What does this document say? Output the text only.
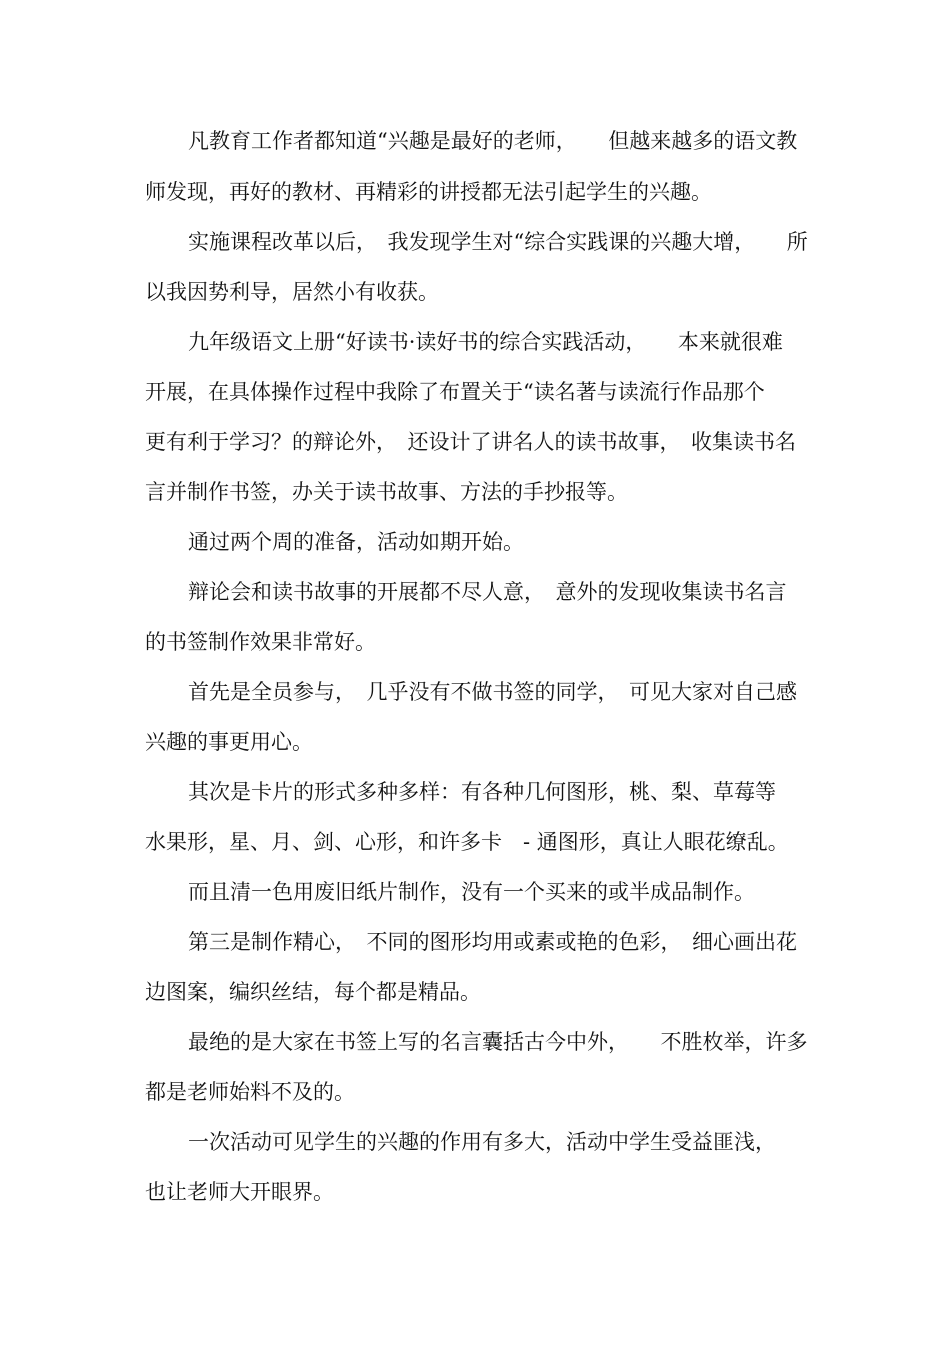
凡教育工作者都知道“兴趣是最好的老师，　　但越来越多的语文教
师发现，再好的教材、再精彩的讲授都无法引起学生的兴趣。
实施课程改革以后，　我发现学生对“综合实践课的兴趣大增，　　所
以我因势利导，居然小有收获。
九年级语文上册“好读书·读好书的综合实践活动，　　本来就很难
开展，在具体操作过程中我除了布置关于“读名著与读流行作品那个
更有利于学习？的辩论外，　还设计了讲名人的读书故事，　收集读书名
言并制作书签，办关于读书故事、方法的手抄报等。
通过两个周的准备，活动如期开始。
辩论会和读书故事的开展都不尽人意，　意外的发现收集读书名言
的书签制作效果非常好。
首先是全员参与，　几乎没有不做书签的同学，　可见大家对自己感
兴趣的事更用心。
其次是卡片的形式多种多样：有各种几何图形，桃、梨、草莓等
水果形，星、月、剑、心形，和许多卡　- 通图形，真让人眼花缭乱。
而且清一色用废旧纸片制作，没有一个买来的或半成品制作。
第三是制作精心，　不同的图形均用或素或艳的色彩，　细心画出花
边图案，编织丝结，每个都是精品。
最绝的是大家在书签上写的名言囊括古今中外，　　不胜枚举，许多
都是老师始料不及的。
一次活动可见学生的兴趣的作用有多大，活动中学生受益匪浅，
也让老师大开眼界。
